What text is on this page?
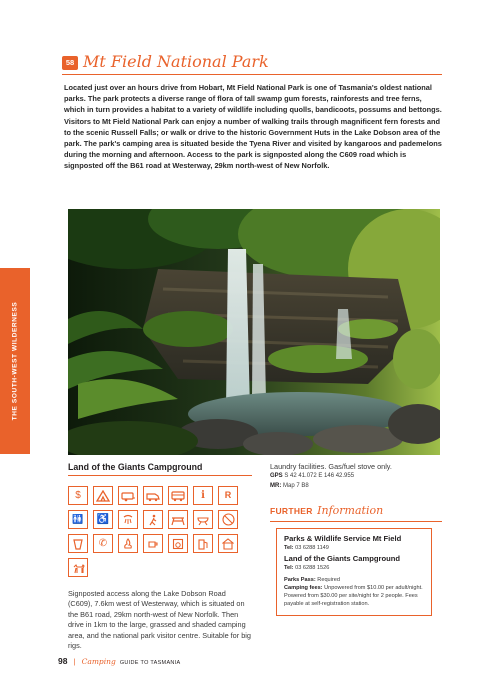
THE SOUTH-WEST WILDERNESS
58 Mt Field National Park

Located just over an hours drive from Hobart, Mt Field National Park is one of Tasmania's oldest national parks. The park protects a diverse range of flora of tall swamp gum forests, rainforests and tree ferns, which in turn provides a habitat to a variety of wildlife including quolls, bandicoots, possums and bettongs. Visitors to Mt Field National Park can enjoy a number of walking trails through magnificent fern forests and to the scenic Russell Falls; or walk or drive to the historic Government Huts in the Lake Dobson area of the park. The park's camping area is situated beside the Tyena River and visited by kangaroos and pademelons during the morning and afternoon. Access to the park is signposted along the C609 road which is signposted off the B61 road at Westerway, 29km north-west of New Norfolk.

Land of the Giants Campground
$	i R
🚻 ♿
✆

Signposted access along the Lake Dobson Road (C609), 7.6km west of Westerway, which is situated on the B61 road, 29km north-west of New Norfolk. Then drive in 1km to the large, grassed and shaded camping area, and the national park visitor centre. Suitable for big rigs.

Laundry facilities. Gas/fuel stove only.

GPS S 42 41.072 E 146 42.955

MR: Map 7 B8

FURTHER Information
Parks & Wildlife Service Mt Field
Tel: 03 6288 1149
Land of the Giants Campground
Tel: 03 6288 1526
Parks Pass: Required
Camping fees: Unpowered from $10.00 per adult/night. Powered from $30.00 per site/night for 2 people. Fees payable at self-registration station.
98 | Camping GUIDE TO TASMANIA
